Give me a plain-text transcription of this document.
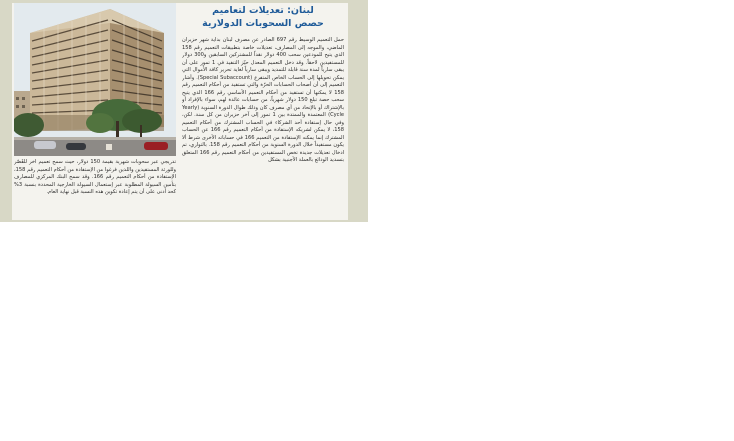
تدريجي عبر سحوبات شهرية بقيمة 150 دولار، حيث سمح تعميم آخر للقُصّر وللورثة المستفيدين واللذين فرغوا من الإستفادة من أحكام التعميم رقم 158، الإستفادة من أحكام التعميم رقم 166. وقد سمح البنك المركزي للمصارف بتأمين السيولة المطلوبة عبر إستعمال السيولة الخارجية المحددة بنسبة 3% كحد أدنى على أن يتم إعادة تكوين هذه النسبة قبل نهاية العام.

لبنان: تعديلات لتعاميم
حصص السحوبات الدولارية

حمل التعميم الوسيط رقم 697 الصادر عن مصرف لبنان بداية شهر حزيران الماضي، والموجه إلى المصارف، تعديلات خاصة بتطبيقات التعميم رقم 158 الذي يتيح للمودعين سحب 400 دولار نقداً للمشتركين السابقين و300 دولار للمستفيدين لاحقاً. وقد دخل التعميم المعدل حيّز التنفيذ في 1 تموز على أن يبقى سارياً لمدة سنة قابلة للتمديد ويبقى سارياً لغاية تحرير كافة الأموال التي يمكن تحويلها إلى الحساب الخاص المتفرع (Special Subaccount). وأشار التعميم إلى أن أصحاب الحسابات الحرّة والتي تستفيد من أحكام التعميم رقم 158 لا يمكنها أن تستفيد من أحكام التعميم الأساسي رقم 166 الذي يتيح سحب حصة تبلغ 150 دولار شهرياً، من حسابات عائدة لهم، سواء بالإفراد أو بالإشتراك أو بالإتحاد من أي مصرف كان وذلك طوال الدورة السنوية (Yearly Cycle) المعتمدة والممتدة بين 1 تموز إلى آخر حزيران من كل سنة. لكن، وفي حال إستفادة أحد الشركاء في الحساب المشترك من أحكام التعميم 158، لا يمكن لشريكه الإستفادة من أحكام التعميم رقم 166 عن الحساب المشترك إنما يمكنه الإستفادة من التعميم 166 في حساباته الأخرى شرط ألا يكون مستفيداً خلال الدورة السنوية من أحكام التعميم رقم 158. بالتوازي، تم ادخال تعديلات جديدة تخص المستفيدين من أحكام التعميم رقم 166 المتعلق بتسديد الودائع بالعملة الأجنبية بشكل
